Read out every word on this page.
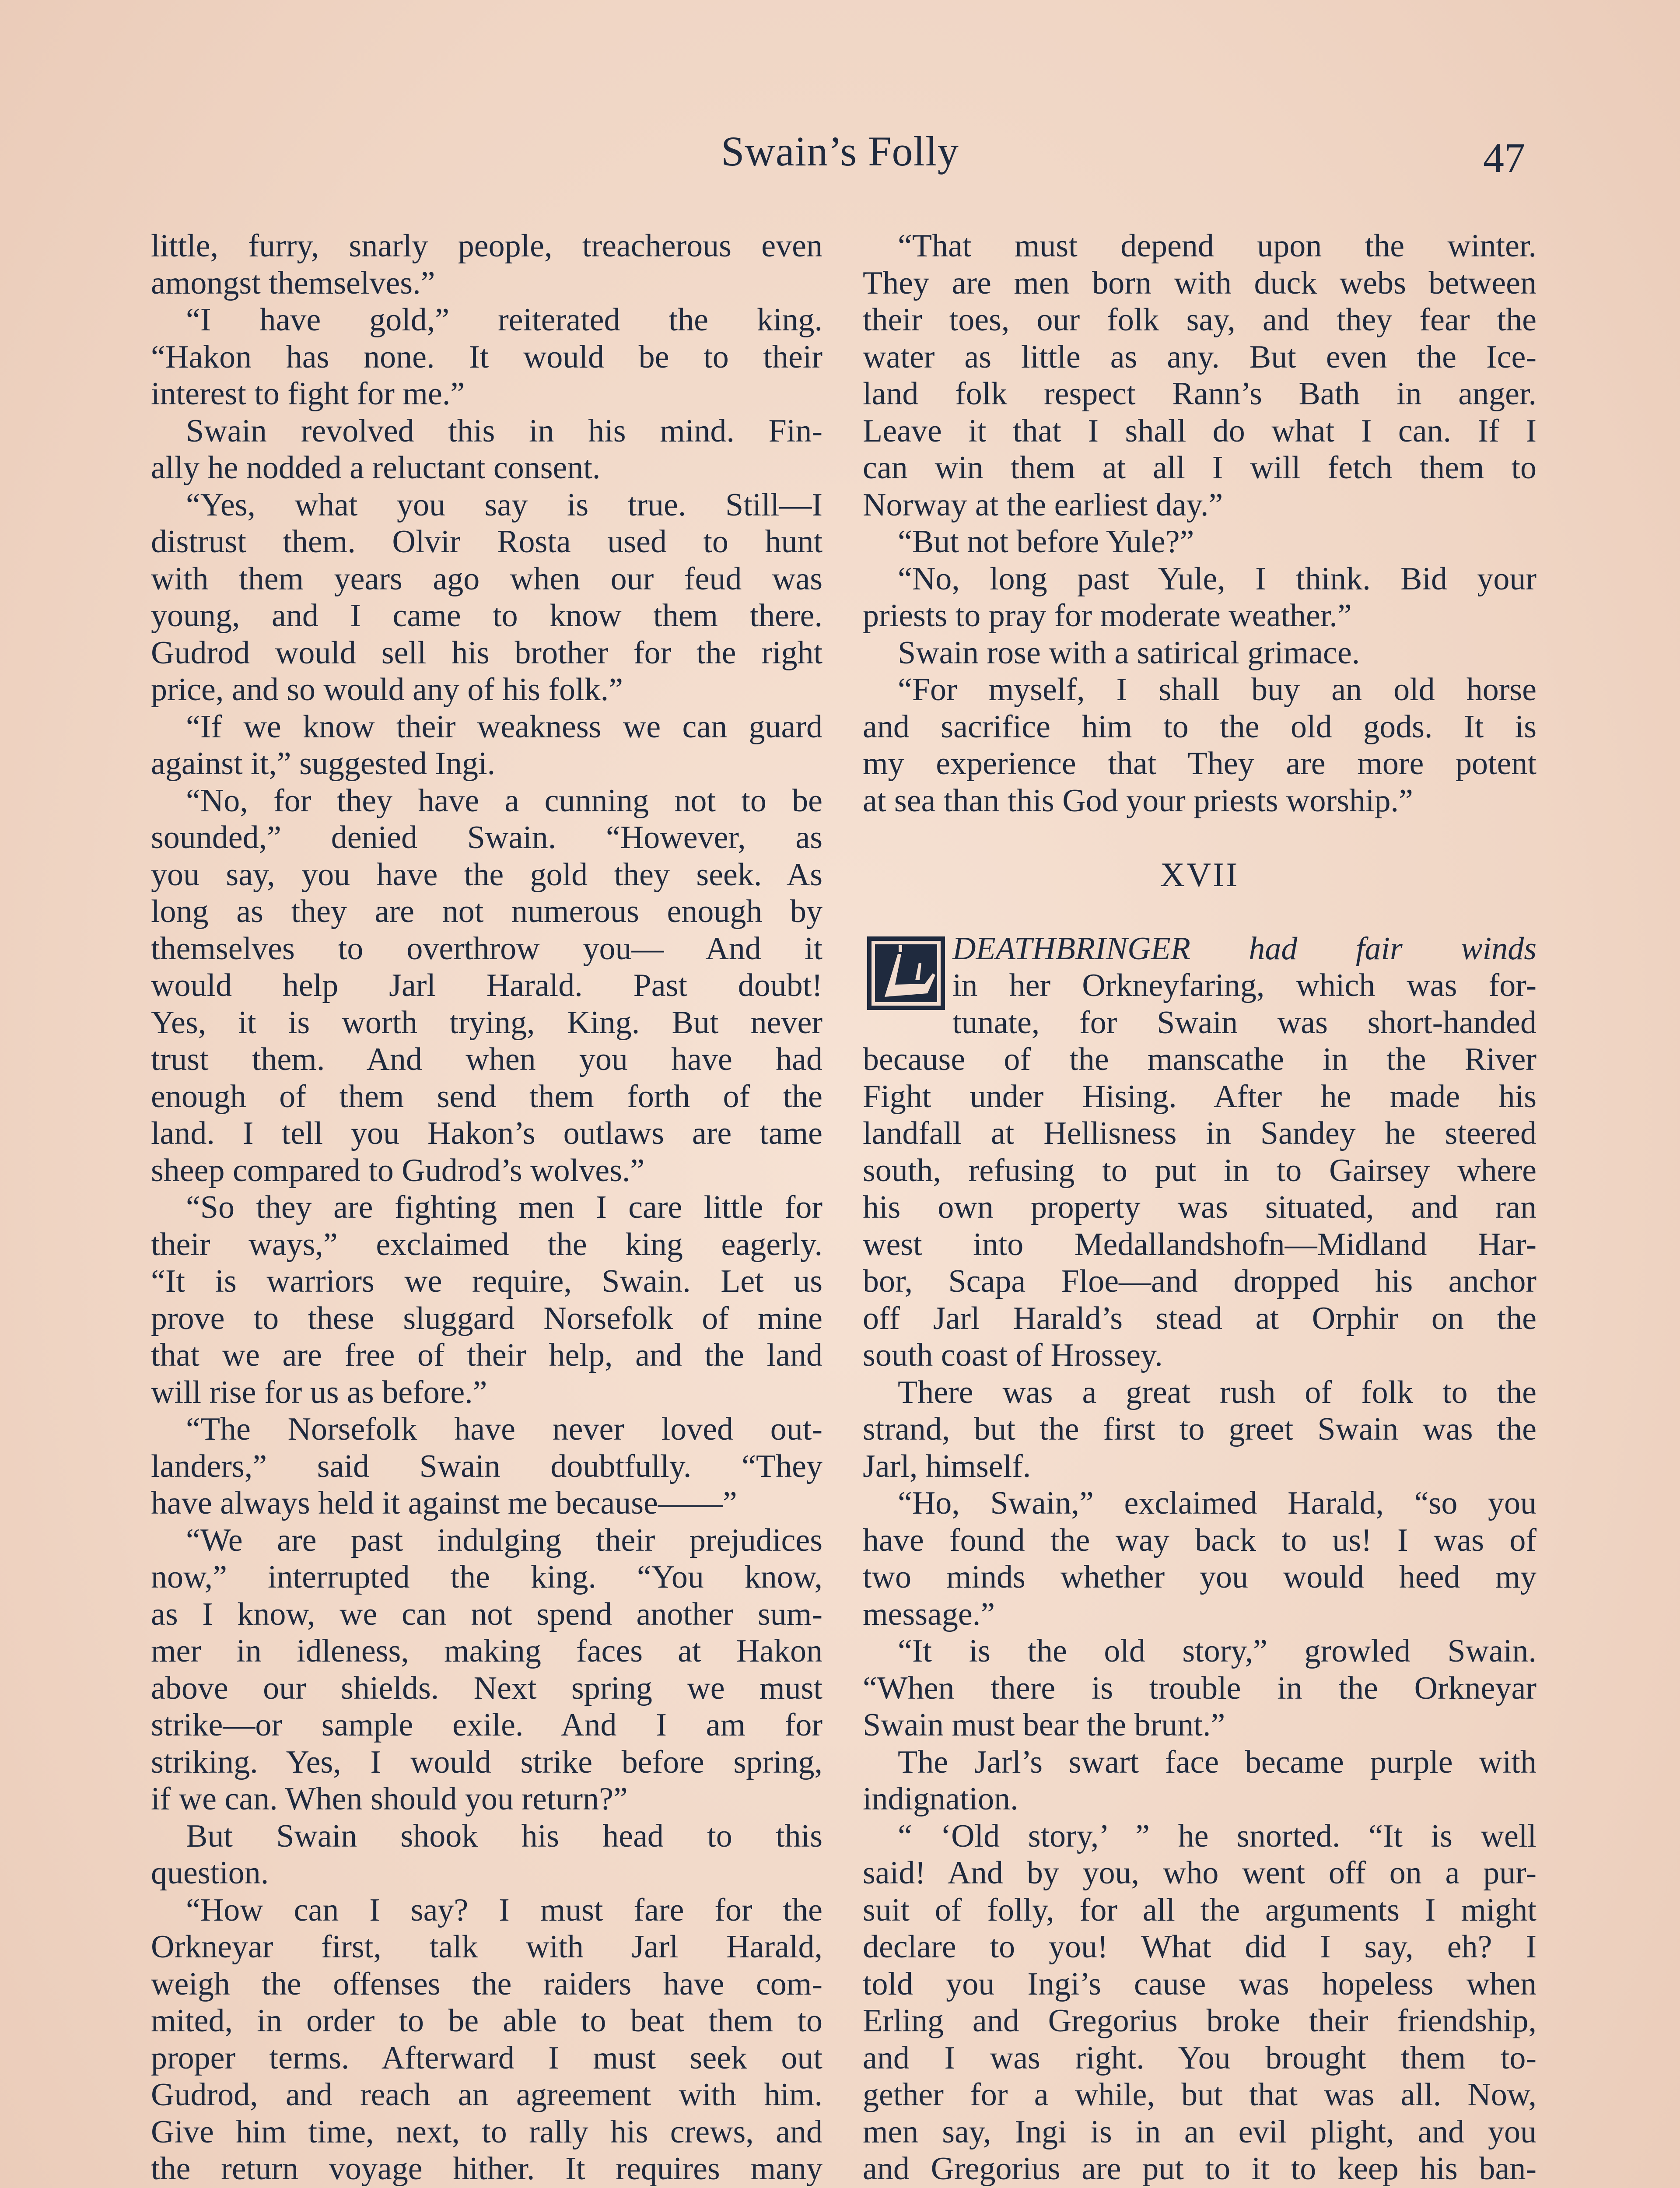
Swain’s Folly	47
little, furry, snarly people, treacherous even
amongst themselves.”
“I have gold,” reiterated the king.
“Hakon has none. It would be to their
interest to fight for me.”
Swain revolved this in his mind. Fin-
ally he nodded a reluctant consent.
“Yes, what you say is true. Still—I
distrust them. Olvir Rosta used to hunt
with them years ago when our feud was
young, and I came to know them there.
Gudrod would sell his brother for the right
price, and so would any of his folk.”
“If we know their weakness we can guard
against it,” suggested Ingi.
“No, for they have a cunning not to be
sounded,” denied Swain. “However, as
you say, you have the gold they seek. As
long as they are not numerous enough by
themselves to overthrow you— And it
would help Jarl Harald. Past doubt!
Yes, it is worth trying, King. But never
trust them. And when you have had
enough of them send them forth of the
land. I tell you Hakon’s outlaws are tame
sheep compared to Gudrod’s wolves.”
“So they are fighting men I care little for
their ways,” exclaimed the king eagerly.
“It is warriors we require, Swain. Let us
prove to these sluggard Norsefolk of mine
that we are free of their help, and the land
will rise for us as before.”
“The Norsefolk have never loved out-
landers,” said Swain doubtfully. “They
have always held it against me because——”
“We are past indulging their prejudices
now,” interrupted the king. “You know,
as I know, we can not spend another sum-
mer in idleness, making faces at Hakon
above our shields. Next spring we must
strike—or sample exile. And I am for
striking. Yes, I would strike before spring,
if we can. When should you return?”
But Swain shook his head to this
question.
“How can I say? I must fare for the
Orkneyar first, talk with Jarl Harald,
weigh the offenses the raiders have com-
mited, in order to be able to beat them to
proper terms. Afterward I must seek out
Gudrod, and reach an agreement with him.
Give him time, next, to rally his crews, and
the return voyage hither. It requires many
“That must depend upon the winter.
They are men born with duck webs between
their toes, our folk say, and they fear the
water as little as any. But even the Ice-
land folk respect Rann’s Bath in anger.
Leave it that I shall do what I can. If I
can win them at all I will fetch them to
Norway at the earliest day.”
“But not before Yule?”
“No, long past Yule, I think. Bid your
priests to pray for moderate weather.”
Swain rose with a satirical grimace.
“For myself, I shall buy an old horse
and sacrifice him to the old gods. It is
my experience that They are more potent
at sea than this God your priests worship.”
XVII
DEATHBRINGER had fair winds
in her Orkneyfaring, which was for-
tunate, for Swain was short-handed
because of the manscathe in the River
Fight under Hising. After he made his
landfall at Hellisness in Sandey he steered
south, refusing to put in to Gairsey where
his own property was situated, and ran
west into Medallandshofn—Midland Har-
bor, Scapa Floe—and dropped his anchor
off Jarl Harald’s stead at Orphir on the
south coast of Hrossey.
There was a great rush of folk to the
strand, but the first to greet Swain was the
Jarl, himself.
“Ho, Swain,” exclaimed Harald, “so you
have found the way back to us! I was of
two minds whether you would heed my
message.”
“It is the old story,” growled Swain.
“When there is trouble in the Orkneyar
Swain must bear the brunt.”
The Jarl’s swart face became purple with
indignation.
“ ‘Old story,’ ” he snorted. “It is well
said! And by you, who went off on a pur-
suit of folly, for all the arguments I might
declare to you! What did I say, eh? I
told you Ingi’s cause was hopeless when
Erling and Gregorius broke their friendship,
and I was right. You brought them to-
gether for a while, but that was all. Now,
men say, Ingi is in an evil plight, and you
and Gregorius are put to it to keep his ban-
